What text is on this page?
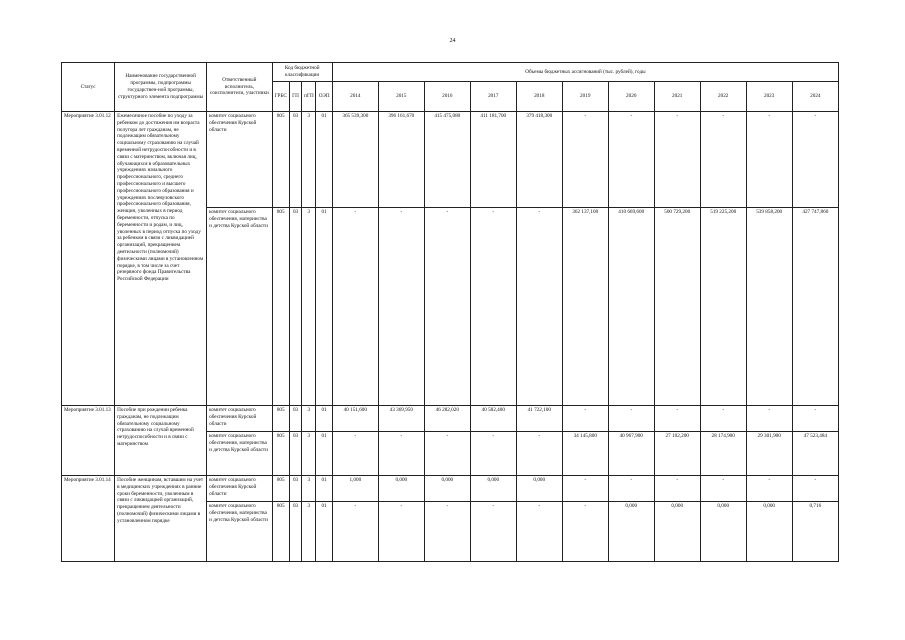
24
Статус	Наименование государственной программы, подпрограммы государствен-ной программы, структурного элемента подпрограммы	Ответственный исполнитель, соисполнители, участники	Код бюджетной классификации				Объемы бюджетных ассигнований (тыс. рублей), годы										
			ГРБС	ГП	пГП	ОЭП	2014	2015	2016	2017	2018	2019	2020	2021	2022	2023	2024
Мероприятие 3.01.12	Ежемесячное пособие по уходу за ребенком до достижения им возраста полутора лет гражданам, не подлежащим обязательному социальному страхованию на случай временной нетрудоспособности и в связи с материнством, включая лиц, обучающихся в образовательных учреждениях начального профессионального, среднего профессионального и высшего профессионального образования и учреждениях послевузовского профессионального образования, женщин, уволенных в период беременности, отпуска по беременности и родам, и лиц, уволенных в период отпуска по уходу за ребенком в связи с ликвидацией организаций, прекращением деятельности (полномочий) физическими лицами в установленном порядке, в том числе за счет резервного фонда Правительства Российской Федерации	комитет социального обеспечения Курской области	805	03	3	01	365 539,300	396 161,670	415 475,080	411 181,700	379 418,300	-	-	-	-	-	-
		комитет социального обеспечения, материнства и детства Курской области	805	03	3	01	-	-	-	-	-	362 137,100	410 669,600	500 729,200	519 225,200	539 858,200	427 747,860
Мероприятие 3.01.13	Пособие при рождении ребенка гражданам, не подлежащим обязательному социальному страхованию на случай временной нетрудоспособности и в связи с материнством	комитет социального обеспечения Курской области	805	03	3	01	40 151,600	43 369,950	46 282,020	40 582,400	41 722,100	-	-	-	-	-	-
		комитет социального обеспечения, материнства и детства Курской области	805	03	3	01	-	-	-	-	-	34 145,800	40 967,900	27 102,200	28 174,900	29 301,900	47 523,484
Мероприятие 3.01.14	Пособие женщинам, вставшим на учет в медицинских учреждениях в ранние сроки беременности, уволенным в связи с ликвидацией организаций, прекращением деятельности (полномочий) физическими лицами в установленном порядке	комитет социального обеспечения Курской области	805	03	3	01	1,000	0,000	0,000	0,000	0,000	-	-	-	-	-	-
		комитет социального обеспечения, материнства и детства Курской области	805	03	3	01	-	-	-	-	-	-	0,000	0,000	0,000	0,000	0,716
